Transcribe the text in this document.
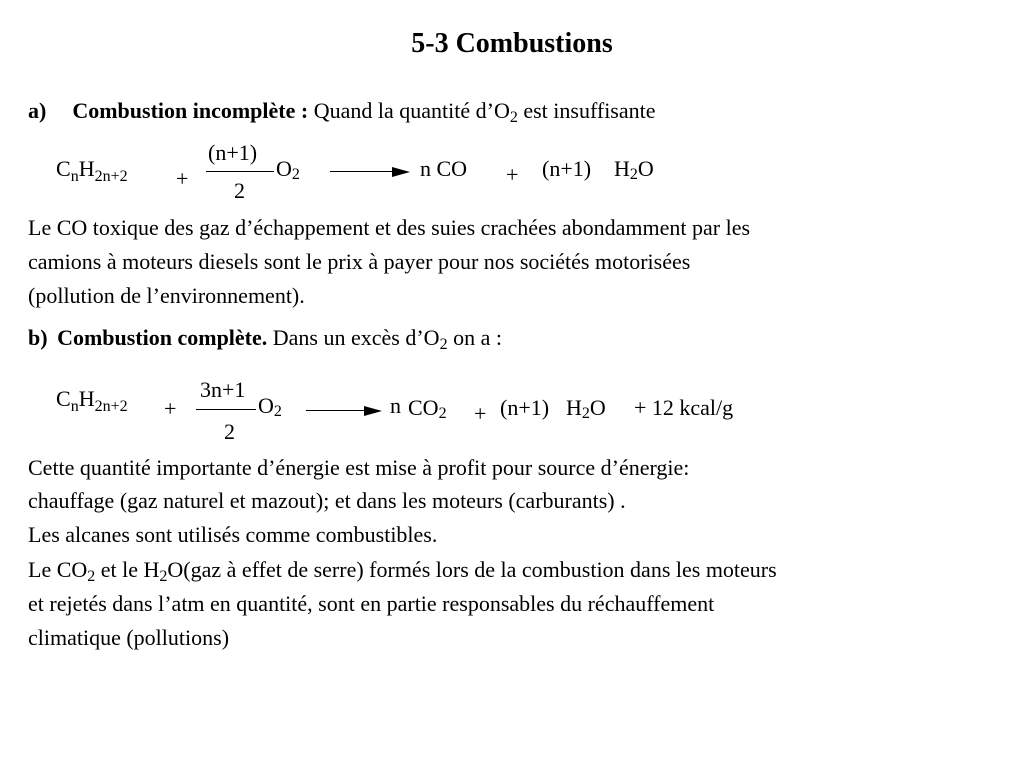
5-3 Combustions
a) Combustion incomplète : Quand la quantité $d’O_2$ est insuffisante
$C_nH_{2n+2}$ +
(n+1)
2
O2	n CO + (n+1) H2O
Le CO toxique des gaz d’échappement et des suies crachées abondamment par les
camions à moteurs diesels sont le prix à payer pour nos sociétés motorisées
(pollution de l’environnement).
b) Combustion complète. Dans un excès $d’O_2$ on a :
$C_nH_{2n+2}$ +
3n+1
2
O2	n CO2 + (n+1) H2O + 12 kcal/g
Cette quantité importante d’énergie est mise à profit pour source d’énergie:
chauffage (gaz naturel et mazout); et dans les moteurs (carburants) .
Les alcanes sont utilisés comme combustibles.
Le $CO_2$ et le $H_2O(gaz$ à effet de serre) formés lors de la combustion dans les moteurs
et rejetés dans l’atm en quantité, sont en partie responsables du réchauffement
climatique (pollutions)
